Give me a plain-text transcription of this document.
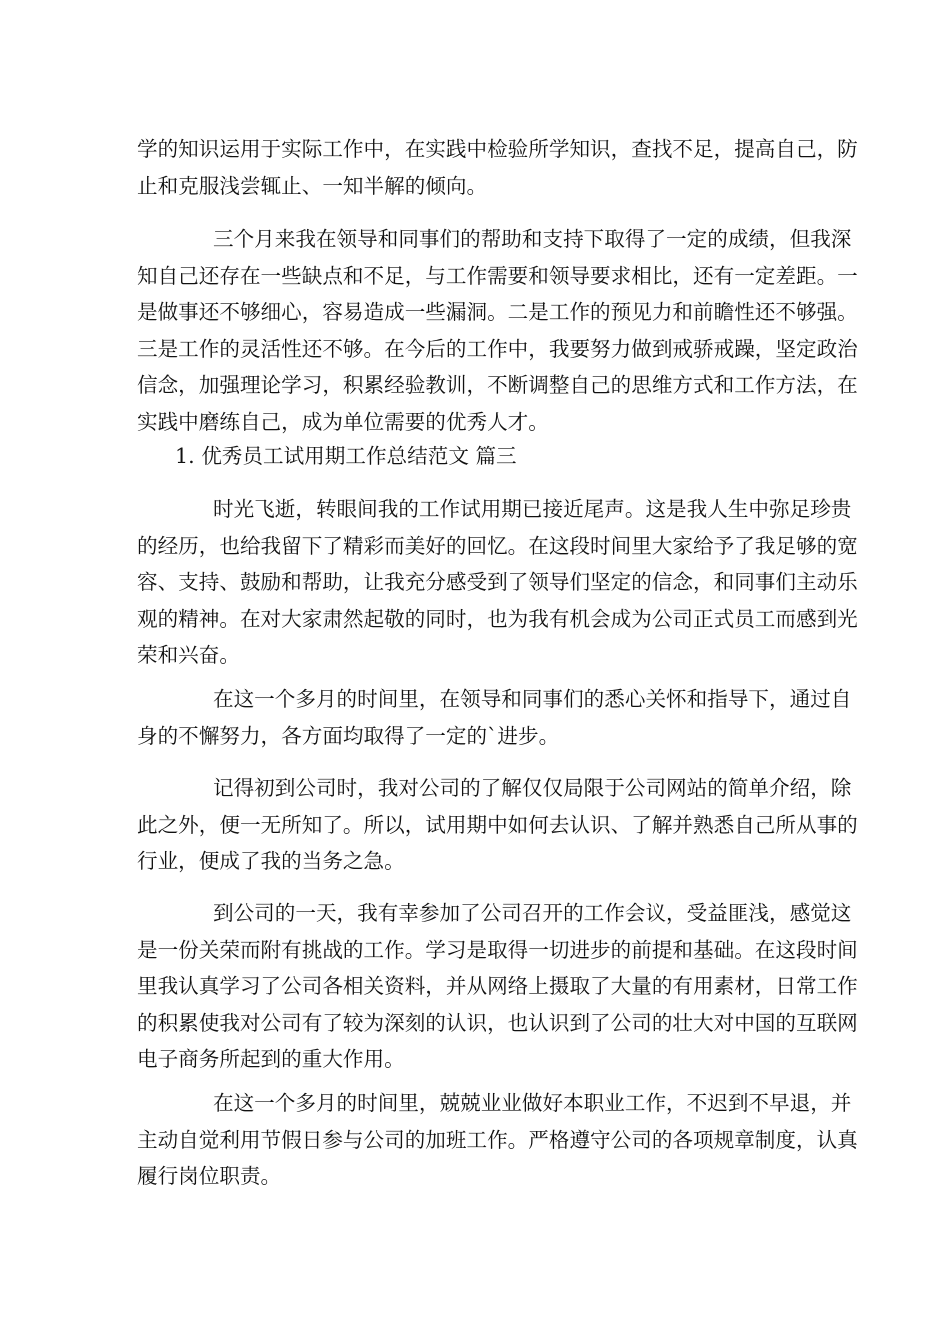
学的知识运用于实际工作中，在实践中检验所学知识，查找不足，提高自己，防
止和克服浅尝辄止、一知半解的倾向。
三个月来我在领导和同事们的帮助和支持下取得了一定的成绩，但我深
知自己还存在一些缺点和不足，与工作需要和领导要求相比，还有一定差距。一
是做事还不够细心，容易造成一些漏洞。二是工作的预见力和前瞻性还不够强。
三是工作的灵活性还不够。在今后的工作中，我要努力做到戒骄戒躁，坚定政治
信念，加强理论学习，积累经验教训，不断调整自己的思维方式和工作方法，在
实践中磨练自己，成为单位需要的优秀人才。
1. 优秀员工试用期工作总结范文 篇三
时光飞逝，转眼间我的工作试用期已接近尾声。这是我人生中弥足珍贵
的经历，也给我留下了精彩而美好的回忆。在这段时间里大家给予了我足够的宽
容、支持、鼓励和帮助，让我充分感受到了领导们坚定的信念，和同事们主动乐
观的精神。在对大家肃然起敬的同时，也为我有机会成为公司正式员工而感到光
荣和兴奋。
在这一个多月的时间里，在领导和同事们的悉心关怀和指导下，通过自
身的不懈努力，各方面均取得了一定的`进步。
记得初到公司时，我对公司的了解仅仅局限于公司网站的简单介绍，除
此之外，便一无所知了。所以，试用期中如何去认识、了解并熟悉自己所从事的
行业，便成了我的当务之急。
到公司的一天，我有幸参加了公司召开的工作会议，受益匪浅，感觉这
是一份关荣而附有挑战的工作。学习是取得一切进步的前提和基础。在这段时间
里我认真学习了公司各相关资料，并从网络上摄取了大量的有用素材，日常工作
的积累使我对公司有了较为深刻的认识，也认识到了公司的壮大对中国的互联网
电子商务所起到的重大作用。
在这一个多月的时间里，兢兢业业做好本职业工作，不迟到不早退，并
主动自觉利用节假日参与公司的加班工作。严格遵守公司的各项规章制度，认真
履行岗位职责。
